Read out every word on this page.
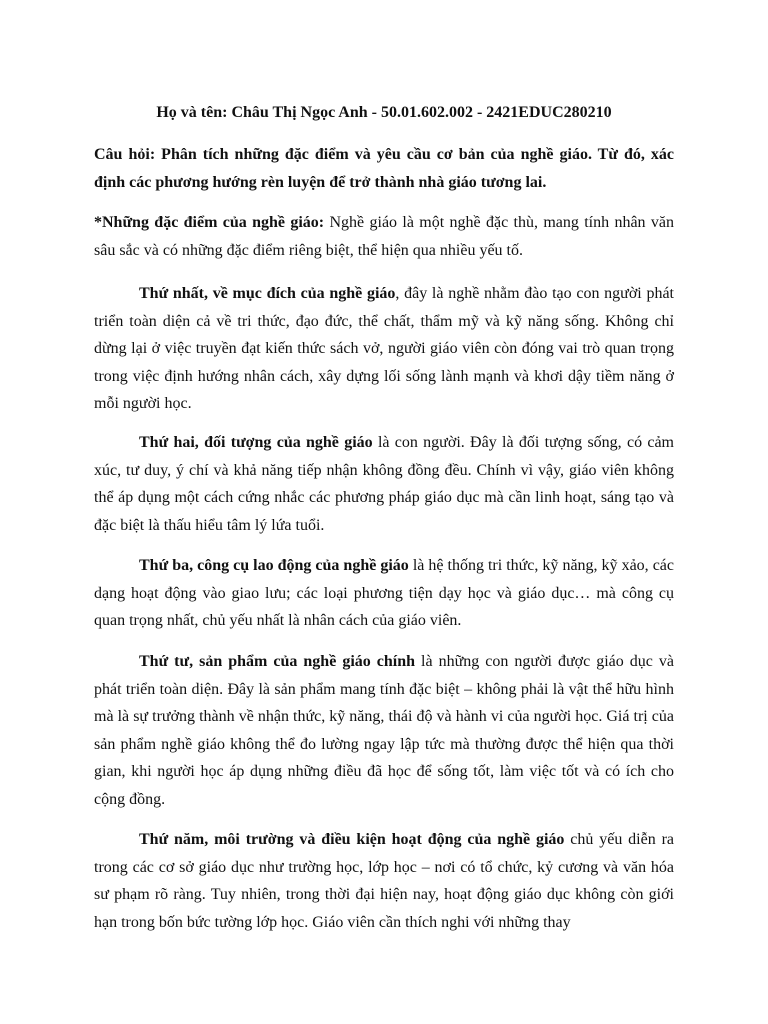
Họ và tên: Châu Thị Ngọc Anh - 50.01.602.002 - 2421EDUC280210
Câu hỏi: Phân tích những đặc điểm và yêu cầu cơ bản của nghề giáo. Từ đó, xác định các phương hướng rèn luyện để trở thành nhà giáo tương lai.
*Những đặc điểm của nghề giáo: Nghề giáo là một nghề đặc thù, mang tính nhân văn sâu sắc và có những đặc điểm riêng biệt, thể hiện qua nhiều yếu tố.
Thứ nhất, về mục đích của nghề giáo, đây là nghề nhằm đào tạo con người phát triển toàn diện cả về tri thức, đạo đức, thể chất, thẩm mỹ và kỹ năng sống. Không chỉ dừng lại ở việc truyền đạt kiến thức sách vở, người giáo viên còn đóng vai trò quan trọng trong việc định hướng nhân cách, xây dựng lối sống lành mạnh và khơi dậy tiềm năng ở mỗi người học.
Thứ hai, đối tượng của nghề giáo là con người. Đây là đối tượng sống, có cảm xúc, tư duy, ý chí và khả năng tiếp nhận không đồng đều. Chính vì vậy, giáo viên không thể áp dụng một cách cứng nhắc các phương pháp giáo dục mà cần linh hoạt, sáng tạo và đặc biệt là thấu hiểu tâm lý lứa tuổi.
Thứ ba, công cụ lao động của nghề giáo là hệ thống tri thức, kỹ năng, kỹ xảo, các dạng hoạt động vào giao lưu; các loại phương tiện dạy học và giáo dục… mà công cụ quan trọng nhất, chủ yếu nhất là nhân cách của giáo viên.
Thứ tư, sản phẩm của nghề giáo chính là những con người được giáo dục và phát triển toàn diện. Đây là sản phẩm mang tính đặc biệt – không phải là vật thể hữu hình mà là sự trưởng thành về nhận thức, kỹ năng, thái độ và hành vi của người học. Giá trị của sản phẩm nghề giáo không thể đo lường ngay lập tức mà thường được thể hiện qua thời gian, khi người học áp dụng những điều đã học để sống tốt, làm việc tốt và có ích cho cộng đồng.
Thứ năm, môi trường và điều kiện hoạt động của nghề giáo chủ yếu diễn ra trong các cơ sở giáo dục như trường học, lớp học – nơi có tổ chức, kỷ cương và văn hóa sư phạm rõ ràng. Tuy nhiên, trong thời đại hiện nay, hoạt động giáo dục không còn giới hạn trong bốn bức tường lớp học. Giáo viên cần thích nghi với những thay
